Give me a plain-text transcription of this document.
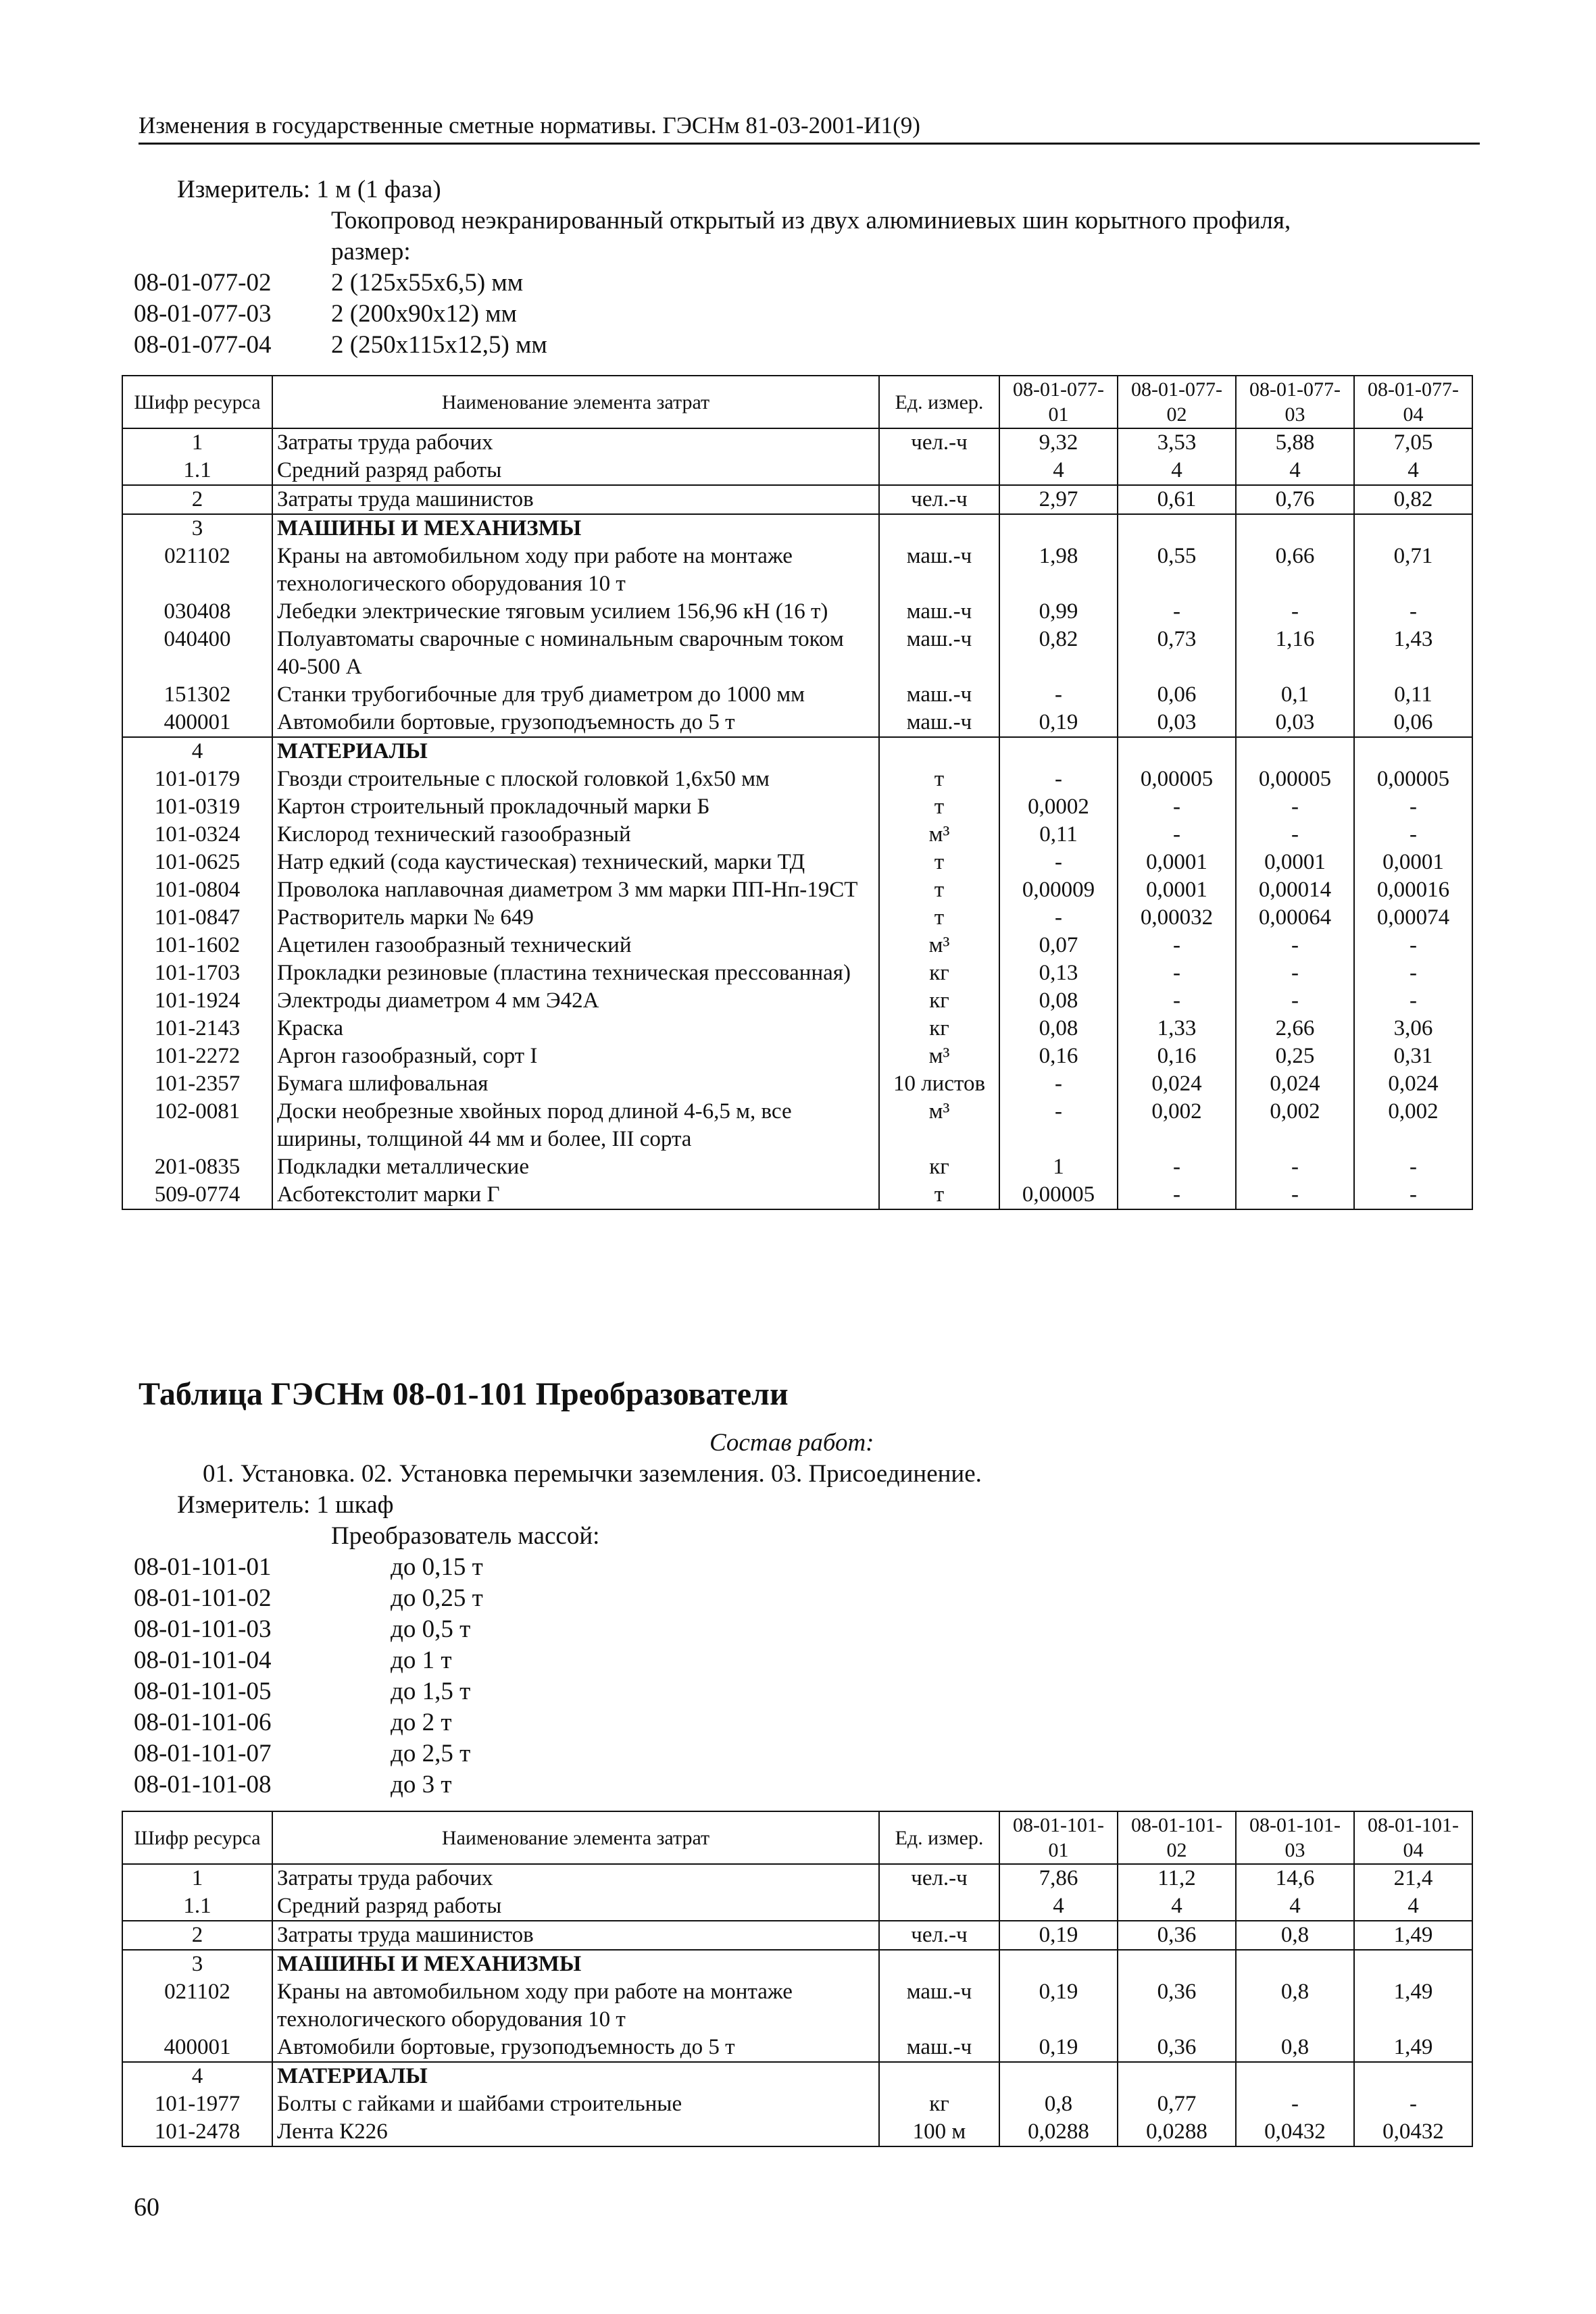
Изменения в государственные сметные нормативы. ГЭСНм 81-03-2001-И1(9)
Измеритель: 1 м (1 фаза)
Токопровод неэкранированный открытый из двух алюминиевых шин корытного профиля,
размер:
08-01-077-02	2 (125x55x6,5) мм
08-01-077-03	2 (200x90x12) мм
08-01-077-04	2 (250x115x12,5) мм
Шифр ресурса	Наименование элемента затрат	Ед. измер.	08-01-077-01	08-01-077-02	08-01-077-03	08-01-077-04
1	Затраты труда рабочих	чел.-ч	9,32	3,53	5,88	7,05
1.1	Средний разряд работы		4	4	4	4
2	Затраты труда машинистов	чел.-ч	2,97	0,61	0,76	0,82
3	МАШИНЫ И МЕХАНИЗМЫ					
021102	Краны на автомобильном ходу при работе на монтаже технологического оборудования 10 т	маш.-ч	1,98	0,55	0,66	0,71
030408	Лебедки электрические тяговым усилием 156,96 кН (16 т)	маш.-ч	0,99	-	-	-
040400	Полуавтоматы сварочные с номинальным сварочным током 40-500 А	маш.-ч	0,82	0,73	1,16	1,43
151302	Станки трубогибочные для труб диаметром до 1000 мм	маш.-ч	-	0,06	0,1	0,11
400001	Автомобили бортовые, грузоподъемность до 5 т	маш.-ч	0,19	0,03	0,03	0,06
4	МАТЕРИАЛЫ					
101-0179	Гвозди строительные с плоской головкой 1,6х50 мм	т	-	0,00005	0,00005	0,00005
101-0319	Картон строительный прокладочный марки Б	т	0,0002	-	-	-
101-0324	Кислород технический газообразный	м³	0,11	-	-	-
101-0625	Натр едкий (сода каустическая) технический, марки ТД	т	-	0,0001	0,0001	0,0001
101-0804	Проволока наплавочная диаметром 3 мм марки ПП-Нп-19СТ	т	0,00009	0,0001	0,00014	0,00016
101-0847	Растворитель марки № 649	т	-	0,00032	0,00064	0,00074
101-1602	Ацетилен газообразный технический	м³	0,07	-	-	-
101-1703	Прокладки резиновые (пластина техническая прессованная)	кг	0,13	-	-	-
101-1924	Электроды диаметром 4 мм Э42А	кг	0,08	-	-	-
101-2143	Краска	кг	0,08	1,33	2,66	3,06
101-2272	Аргон газообразный, сорт I	м³	0,16	0,16	0,25	0,31
101-2357	Бумага шлифовальная	10 листов	-	0,024	0,024	0,024
102-0081	Доски необрезные хвойных пород длиной 4-6,5 м, все ширины, толщиной 44 мм и более, III сорта	м³	-	0,002	0,002	0,002
201-0835	Подкладки металлические	кг	1	-	-	-
509-0774	Асботекстолит марки Г	т	0,00005	-	-	-
Таблица ГЭСНм 08-01-101 Преобразователи
Состав работ:
01. Установка. 02. Установка перемычки заземления. 03. Присоединение.
Измеритель: 1 шкаф
Преобразователь массой:
08-01-101-01	до 0,15 т
08-01-101-02	до 0,25 т
08-01-101-03	до 0,5 т
08-01-101-04	до 1 т
08-01-101-05	до 1,5 т
08-01-101-06	до 2 т
08-01-101-07	до 2,5 т
08-01-101-08	до 3 т
Шифр ресурса	Наименование элемента затрат	Ед. измер.	08-01-101-01	08-01-101-02	08-01-101-03	08-01-101-04
1	Затраты труда рабочих	чел.-ч	7,86	11,2	14,6	21,4
1.1	Средний разряд работы		4	4	4	4
2	Затраты труда машинистов	чел.-ч	0,19	0,36	0,8	1,49
3	МАШИНЫ И МЕХАНИЗМЫ					
021102	Краны на автомобильном ходу при работе на монтаже технологического оборудования 10 т	маш.-ч	0,19	0,36	0,8	1,49
400001	Автомобили бортовые, грузоподъемность до 5 т	маш.-ч	0,19	0,36	0,8	1,49
4	МАТЕРИАЛЫ					
101-1977	Болты с гайками и шайбами строительные	кг	0,8	0,77	-	-
101-2478	Лента К226	100 м	0,0288	0,0288	0,0432	0,0432
60
